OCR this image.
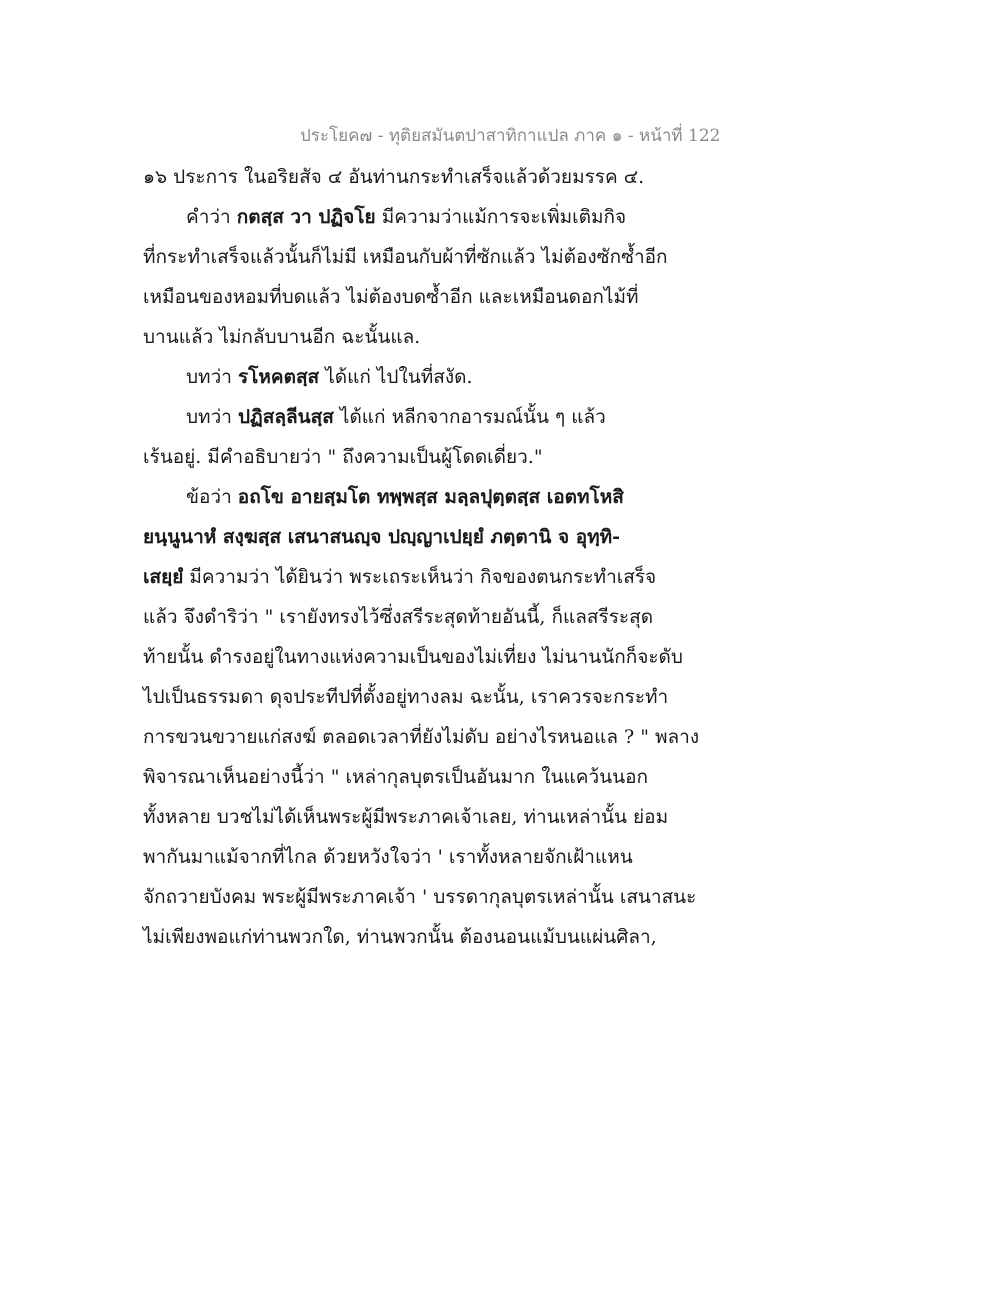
ประโยค๗ - ทุติยสมันตปาสาทิกาแปล ภาค ๑ - หน้าที่ 122
๑๖ ประการ ในอริยสัจ ๔ อันท่านกระทำเสร็จแล้วด้วยมรรค ๔.
คำว่า กตสฺส วา ปฏิจโย มีความว่าแม้การจะเพิ่มเติมกิจ
ที่กระทำเสร็จแล้วนั้นก็ไม่มี เหมือนกับผ้าที่ซักแล้ว ไม่ต้องซักซ้ำอีก
เหมือนของหอมที่บดแล้ว ไม่ต้องบดซ้ำอีก และเหมือนดอกไม้ที่
บานแล้ว ไม่กลับบานอีก ฉะนั้นแล.
บทว่า รโหคตสฺส ได้แก่ ไปในที่สงัด.
บทว่า ปฏิสลฺลีนสฺส ได้แก่ หลีกจากอารมณ์นั้น ๆ แล้ว
เร้นอยู่. มีคำอธิบายว่า " ถึงความเป็นผู้โดดเดี่ยว."
ข้อว่า อถโข อายสฺมโต ทพฺพสฺส มลฺลปุตฺตสฺส เอตทโหสิ
ยนฺนูนาหํ สงฺฆสฺส เสนาสนญฺจ ปญฺญาเปยฺยํ ภตฺตานิ จ อุทฺทิ-
เสยฺยํ มีความว่า ได้ยินว่า พระเถระเห็นว่า กิจของตนกระทำเสร็จ
แล้ว จึงดำริว่า " เรายังทรงไว้ซึ่งสรีระสุดท้ายอันนี้, ก็แลสรีระสุด
ท้ายนั้น ดำรงอยู่ในทางแห่งความเป็นของไม่เที่ยง ไม่นานนักก็จะดับ
ไปเป็นธรรมดา ดุจประทีปที่ตั้งอยู่ทางลม ฉะนั้น, เราควรจะกระทำ
การขวนขวายแก่สงฆ์ ตลอดเวลาที่ยังไม่ดับ อย่างไรหนอแล ? " พลาง
พิจารณาเห็นอย่างนี้ว่า " เหล่ากุลบุตรเป็นอันมาก ในแคว้นนอก
ทั้งหลาย บวชไม่ได้เห็นพระผู้มีพระภาคเจ้าเลย, ท่านเหล่านั้น ย่อม
พากันมาแม้จากที่ไกล ด้วยหวังใจว่า ' เราทั้งหลายจักเฝ้าแหน
จักถวายบังคม พระผู้มีพระภาคเจ้า ' บรรดากุลบุตรเหล่านั้น เสนาสนะ
ไม่เพียงพอแก่ท่านพวกใด, ท่านพวกนั้น ต้องนอนแม้บนแผ่นศิลา,
